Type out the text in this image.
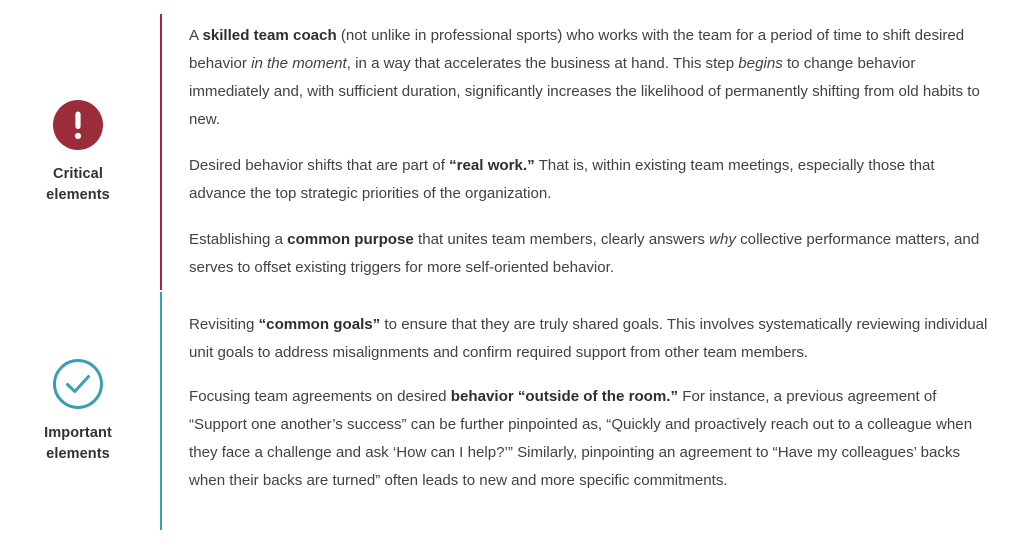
Critical
elements

A skilled team coach (not unlike in professional sports) who works with the team for a period of time to shift desired behavior in the moment, in a way that accelerates the business at hand. This step begins to change behavior immediately and, with sufficient duration, significantly increases the likelihood of permanently shifting from old habits to new.

Desired behavior shifts that are part of “real work.” That is, within existing team meetings, especially those that advance the top strategic priorities of the organization.

Establishing a common purpose that unites team members, clearly answers why collective performance matters, and serves to offset existing triggers for more self-oriented behavior.

Important
elements

Revisiting “common goals” to ensure that they are truly shared goals. This involves systematically reviewing individual unit goals to address misalignments and confirm required support from other team members.

Focusing team agreements on desired behavior “outside of the room.” For instance, a previous agreement of “Support one another’s success” can be further pinpointed as, “Quickly and proactively reach out to a colleague when they face a challenge and ask ‘How can I help?’” Similarly, pinpointing an agreement to “Have my colleagues’ backs when their backs are turned” often leads to new and more specific commitments.
